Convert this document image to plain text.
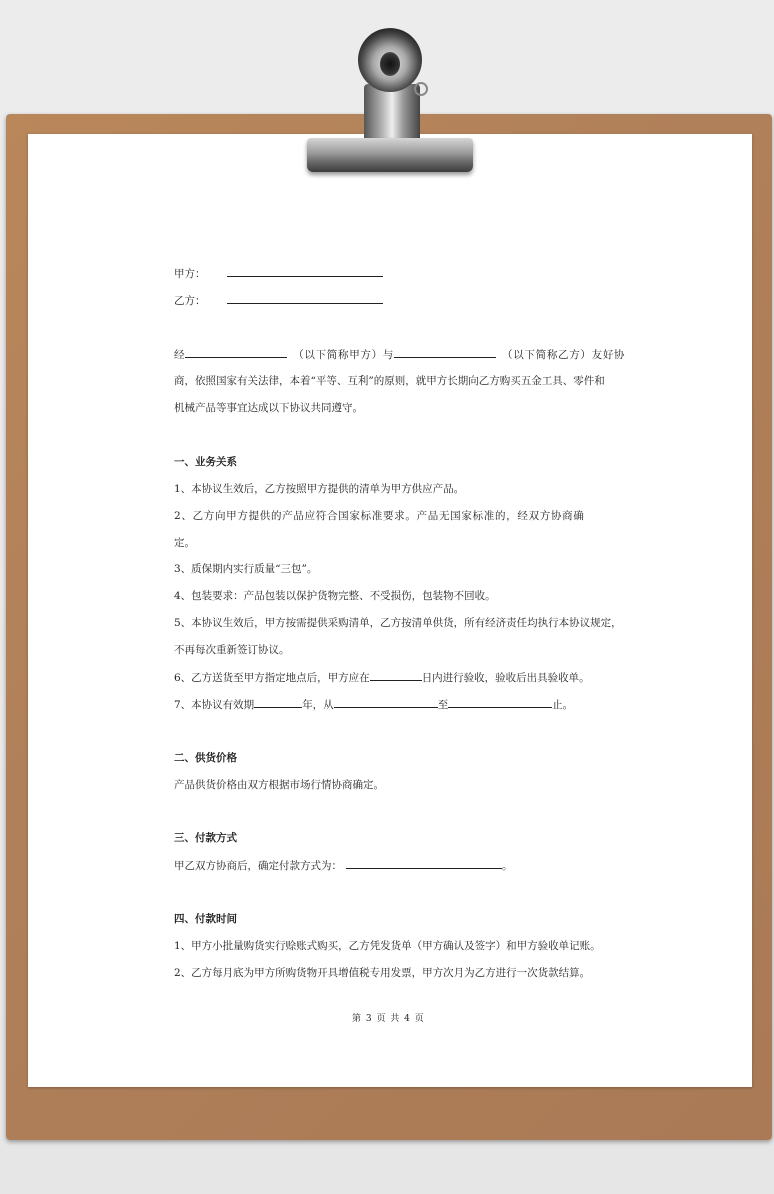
甲方：
乙方：
经	（以下简称甲方）与	（以下简称乙方）友好协
商，依照国家有关法律，本着“平等、互利”的原则，就甲方长期向乙方购买五金工具、零件和
机械产品等事宜达成以下协议共同遵守。
一、业务关系
1、本协议生效后，乙方按照甲方提供的清单为甲方供应产品。
2、乙方向甲方提供的产品应符合国家标准要求。产品无国家标准的，经双方协商确
定。
3、质保期内实行质量“三包”。
4、包装要求：产品包装以保护货物完整、不受损伤，包装物不回收。
5、本协议生效后，甲方按需提供采购清单，乙方按清单供货，所有经济责任均执行本协议规定，
不再每次重新签订协议。
6、乙方送货至甲方指定地点后，甲方应在	日内进行验收，验收后出具验收单。
7、本协议有效期	年，从	至	止。
二、供货价格
产品供货价格由双方根据市场行情协商确定。
三、付款方式
甲乙双方协商后，确定付款方式为：	。
四、付款时间
1、甲方小批量购货实行赊账式购买，乙方凭发货单（甲方确认及签字）和甲方验收单记账。
2、乙方每月底为甲方所购货物开具增值税专用发票，甲方次月为乙方进行一次货款结算。
第 3 页 共 4 页
